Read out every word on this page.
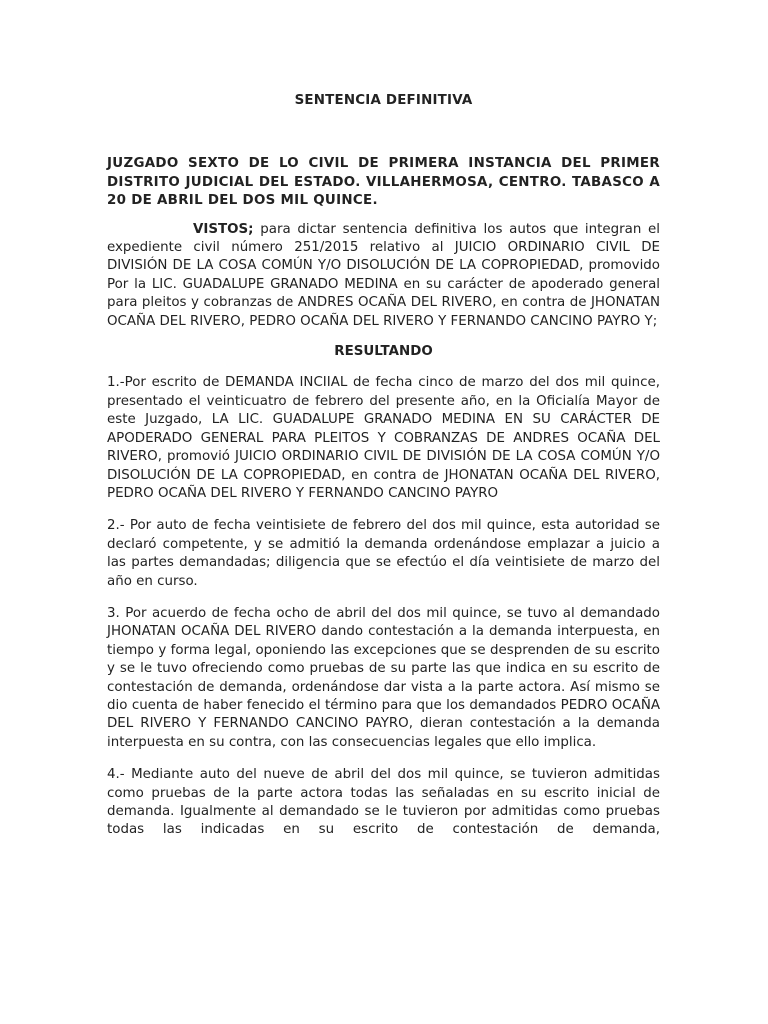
SENTENCIA DEFINITIVA
JUZGADO SEXTO DE LO CIVIL DE PRIMERA INSTANCIA DEL PRIMER DISTRITO JUDICIAL DEL ESTADO. VILLAHERMOSA, CENTRO. TABASCO A 20 DE ABRIL DEL DOS MIL QUINCE.
VISTOS; para dictar sentencia definitiva los autos que integran el expediente civil número 251/2015 relativo al JUICIO ORDINARIO CIVIL DE DIVISIÓN DE LA COSA COMÚN Y/O DISOLUCIÓN DE LA COPROPIEDAD, promovido Por la LIC. GUADALUPE GRANADO MEDINA en su carácter de apoderado general para pleitos y cobranzas de ANDRES OCAÑA DEL RIVERO, en contra de JHONATAN OCAÑA DEL RIVERO, PEDRO OCAÑA DEL RIVERO Y FERNANDO CANCINO PAYRO Y;
RESULTANDO
1.-Por escrito de DEMANDA INCIIAL de fecha cinco de marzo del dos mil quince, presentado el veinticuatro de febrero del presente año, en la Oficialía Mayor de este Juzgado, LA LIC. GUADALUPE GRANADO MEDINA EN SU CARÁCTER DE APODERADO GENERAL PARA PLEITOS Y COBRANZAS DE ANDRES OCAÑA DEL RIVERO, promovió JUICIO ORDINARIO CIVIL DE DIVISIÓN DE LA COSA COMÚN Y/O DISOLUCIÓN DE LA COPROPIEDAD, en contra de JHONATAN OCAÑA DEL RIVERO, PEDRO OCAÑA DEL RIVERO Y FERNANDO CANCINO PAYRO
2.- Por auto de fecha veintisiete de febrero del dos mil quince, esta autoridad se declaró competente, y se admitió la demanda ordenándose emplazar a juicio a las partes demandadas; diligencia que se efectúo el día veintisiete de marzo del año en curso.
3. Por acuerdo de fecha ocho de abril del dos mil quince, se tuvo al demandado JHONATAN OCAÑA DEL RIVERO dando contestación a la demanda interpuesta, en tiempo y forma legal, oponiendo las excepciones que se desprenden de su escrito y se le tuvo ofreciendo como pruebas de su parte las que indica en su escrito de contestación de demanda, ordenándose dar vista a la parte actora. Así mismo se dio cuenta de haber fenecido el término para que los demandados PEDRO OCAÑA DEL RIVERO Y FERNANDO CANCINO PAYRO, dieran contestación a la demanda interpuesta en su contra, con las consecuencias legales que ello implica.
4.- Mediante auto del nueve de abril del dos mil quince, se tuvieron admitidas como pruebas de la parte actora todas las señaladas en su escrito inicial de demanda. Igualmente al demandado se le tuvieron por admitidas como pruebas todas las indicadas en su escrito de contestación de demanda,
